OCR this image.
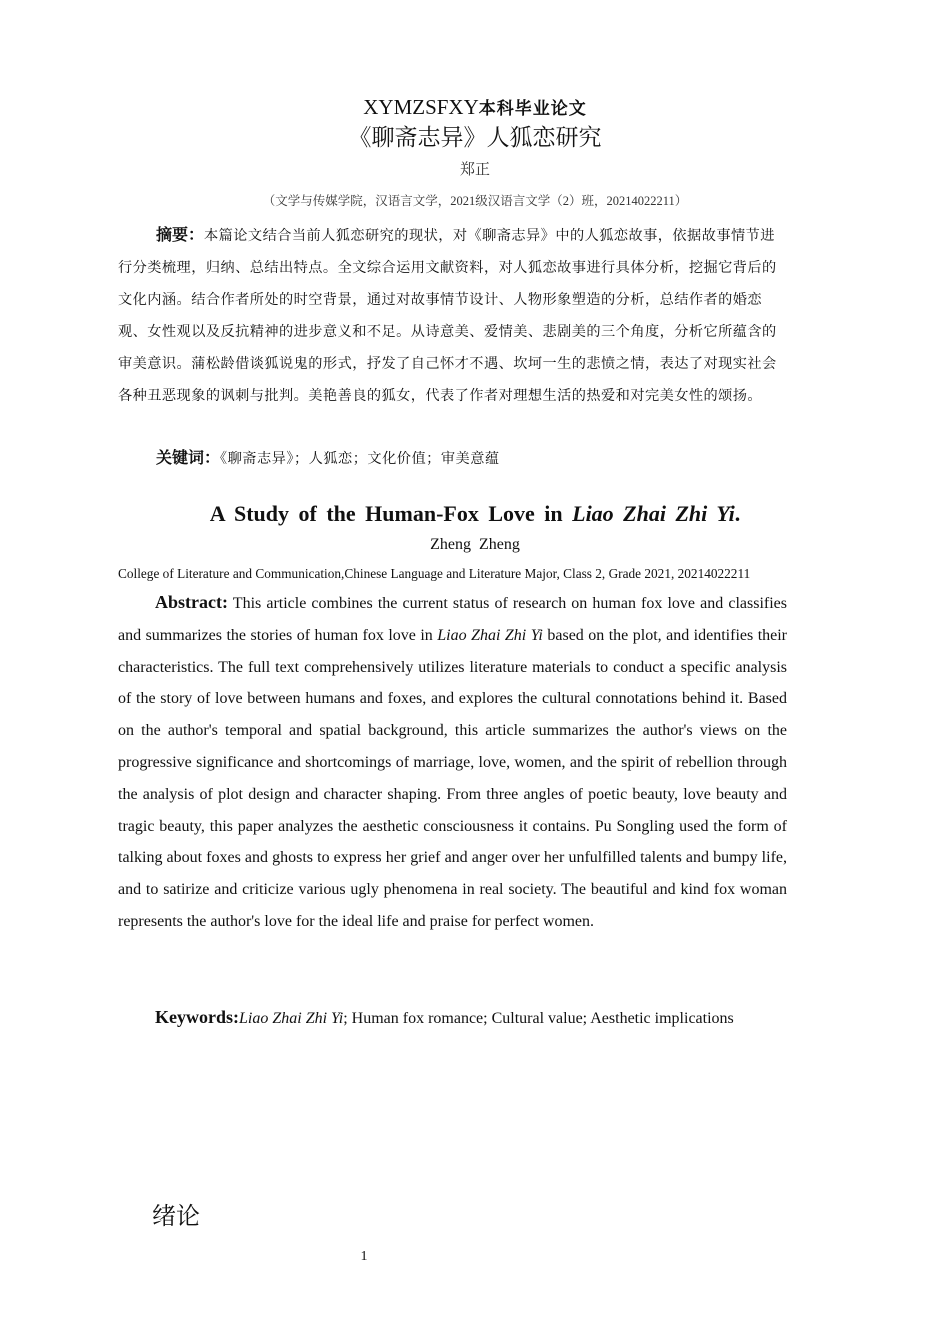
XYMZSFXY本科毕业论文
《聊斋志异》人狐恋研究
郑正
（文学与传媒学院，汉语言文学，2021级汉语言文学（2）班，20214022211）

摘要：本篇论文结合当前人狐恋研究的现状，对《聊斋志异》中的人狐恋故事，依据故事情节进行分类梳理，归纳、总结出特点。全文综合运用文献资料，对人狐恋故事进行具体分析，挖掘它背后的文化内涵。结合作者所处的时空背景，通过对故事情节设计、人物形象塑造的分析，总结作者的婚恋观、女性观以及反抗精神的进步意义和不足。从诗意美、爱情美、悲剧美的三个角度，分析它所蕴含的审美意识。蒲松龄借谈狐说鬼的形式，抒发了自己怀才不遇、坎坷一生的悲愤之情，表达了对现实社会各种丑恶现象的讽刺与批判。美艳善良的狐女，代表了作者对理想生活的热爱和对完美女性的颂扬。

关键词：《聊斋志异》；人狐恋；文化价值；审美意蕴
A Study of the Human-Fox Love in Liao Zhai Zhi Yi.
Zheng Zheng
College of Literature and Communication,Chinese Language and Literature Major, Class 2, Grade 2021, 20214022211

Abstract: This article combines the current status of research on human fox love and classifies and summarizes the stories of human fox love in Liao Zhai Zhi Yi based on the plot, and identifies their characteristics. The full text comprehensively utilizes literature materials to conduct a specific analysis of the story of love between humans and foxes, and explores the cultural connotations behind it. Based on the author's temporal and spatial background, this article summarizes the author's views on the progressive significance and shortcomings of marriage, love, women, and the spirit of rebellion through the analysis of plot design and character shaping. From three angles of poetic beauty, love beauty and tragic beauty, this paper analyzes the aesthetic consciousness it contains. Pu Songling used the form of talking about foxes and ghosts to express her grief and anger over her unfulfilled talents and bumpy life, and to satirize and criticize various ugly phenomena in real society. The beautiful and kind fox woman represents the author's love for the ideal life and praise for perfect women.

Keywords:Liao Zhai Zhi Yi; Human fox romance; Cultural value; Aesthetic implications
绪论
1
